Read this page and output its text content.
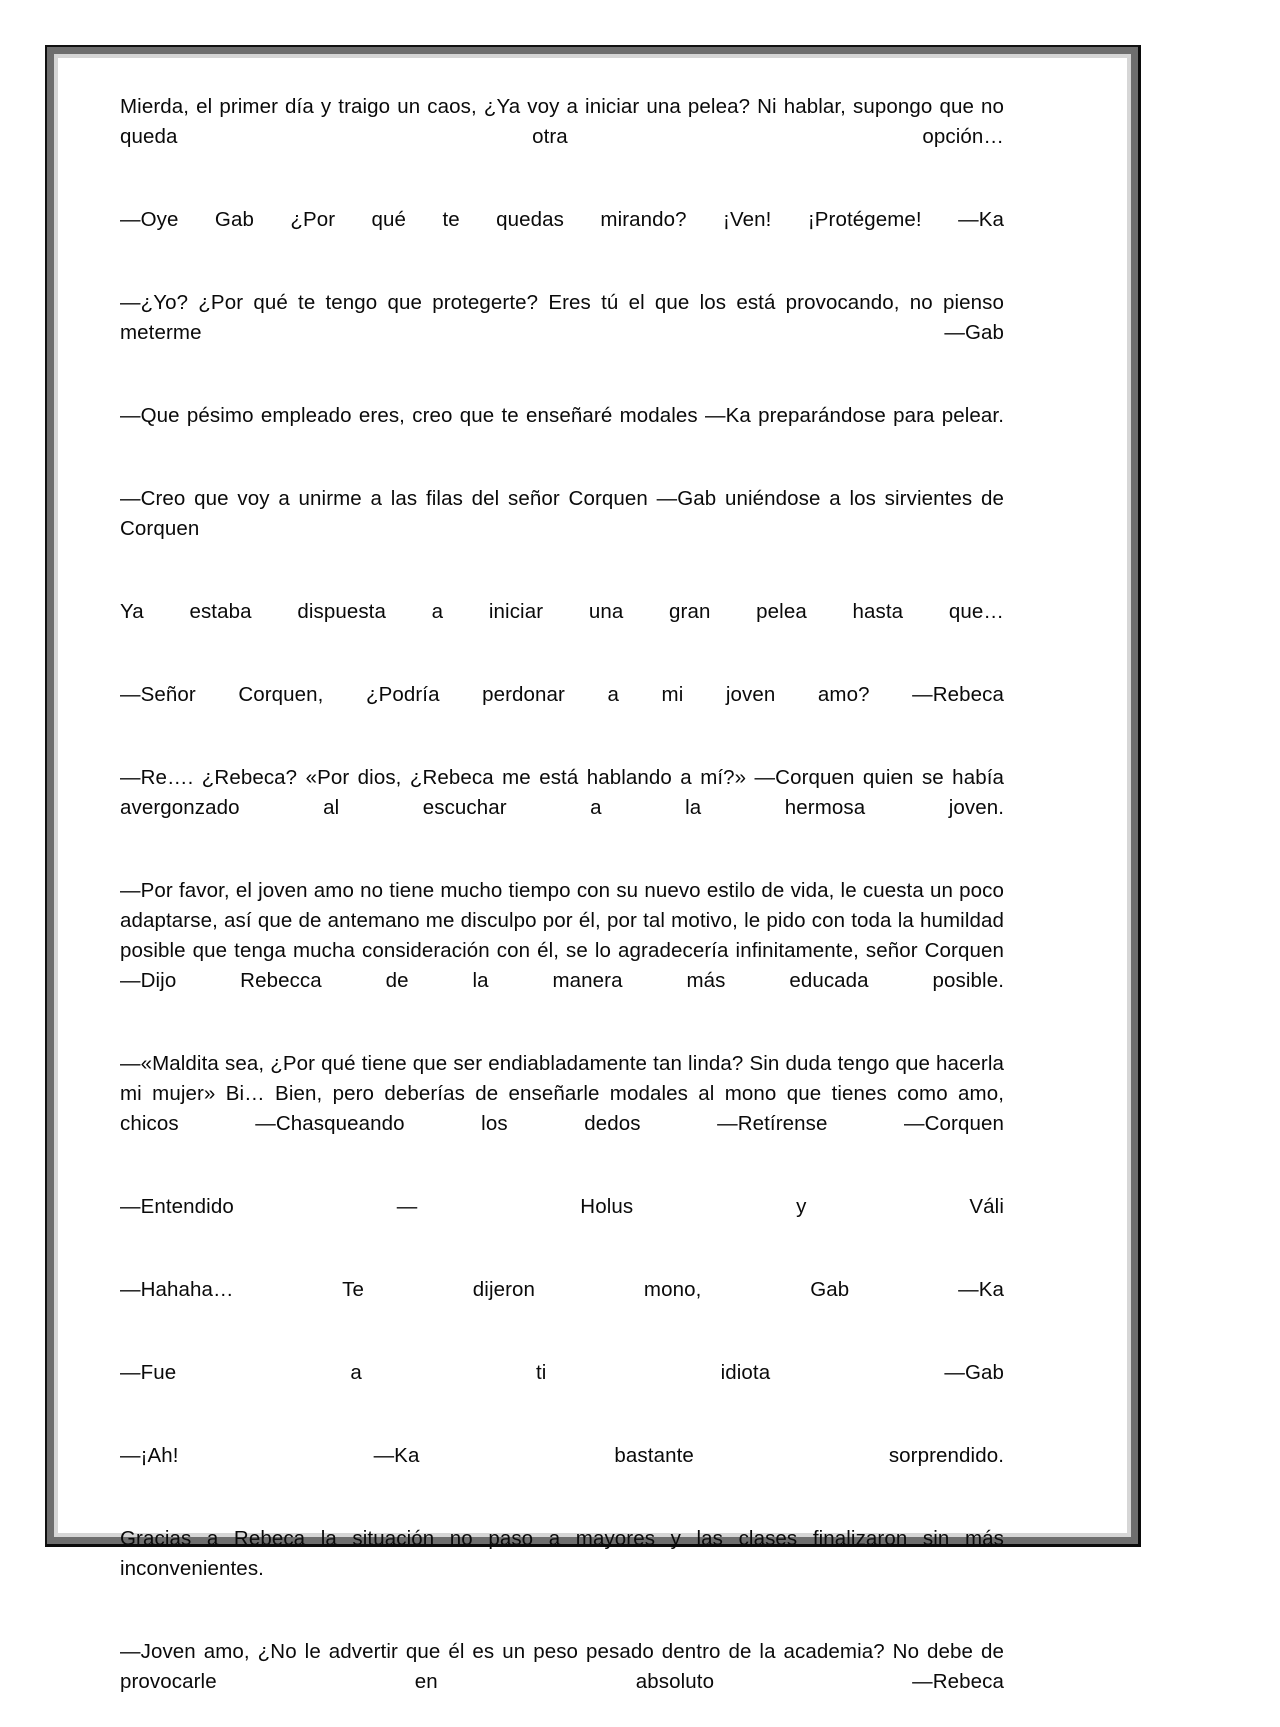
Mierda, el primer día y traigo un caos, ¿Ya voy a iniciar una pelea? Ni hablar, supongo que no queda otra opción…

—Oye Gab ¿Por qué te quedas mirando? ¡Ven! ¡Protégeme! —Ka

—¿Yo? ¿Por qué te tengo que protegerte? Eres tú el que los está provocando, no pienso meterme —Gab

—Que pésimo empleado eres, creo que te enseñaré modales —Ka preparándose para pelear.

—Creo que voy a unirme a las filas del señor Corquen —Gab uniéndose a los sirvientes de Corquen

Ya estaba dispuesta a iniciar una gran pelea hasta que…

—Señor Corquen, ¿Podría perdonar a mi joven amo? —Rebeca

—Re…. ¿Rebeca? «Por dios, ¿Rebeca me está hablando a mí?» —Corquen quien se había avergonzado al escuchar a la hermosa joven.

—Por favor, el joven amo no tiene mucho tiempo con su nuevo estilo de vida, le cuesta un poco adaptarse, así que de antemano me disculpo por él, por tal motivo, le pido con toda la humildad posible que tenga mucha consideración con él, se lo agradecería infinitamente, señor Corquen —Dijo Rebecca de la manera más educada posible.

—«Maldita sea, ¿Por qué tiene que ser endiabladamente tan linda? Sin duda tengo que hacerla mi mujer» Bi… Bien, pero deberías de enseñarle modales al mono que tienes como amo, chicos —Chasqueando los dedos —Retírense —Corquen

—Entendido — Holus y Váli

—Hahaha… Te dijeron mono, Gab —Ka

—Fue a ti idiota —Gab

—¡Ah! —Ka bastante sorprendido.

Gracias a Rebeca la situación no paso a mayores y las clases finalizaron sin más inconvenientes.

—Joven amo, ¿No le advertir que él es un peso pesado dentro de la academia? No debe de provocarle en absoluto —Rebeca
